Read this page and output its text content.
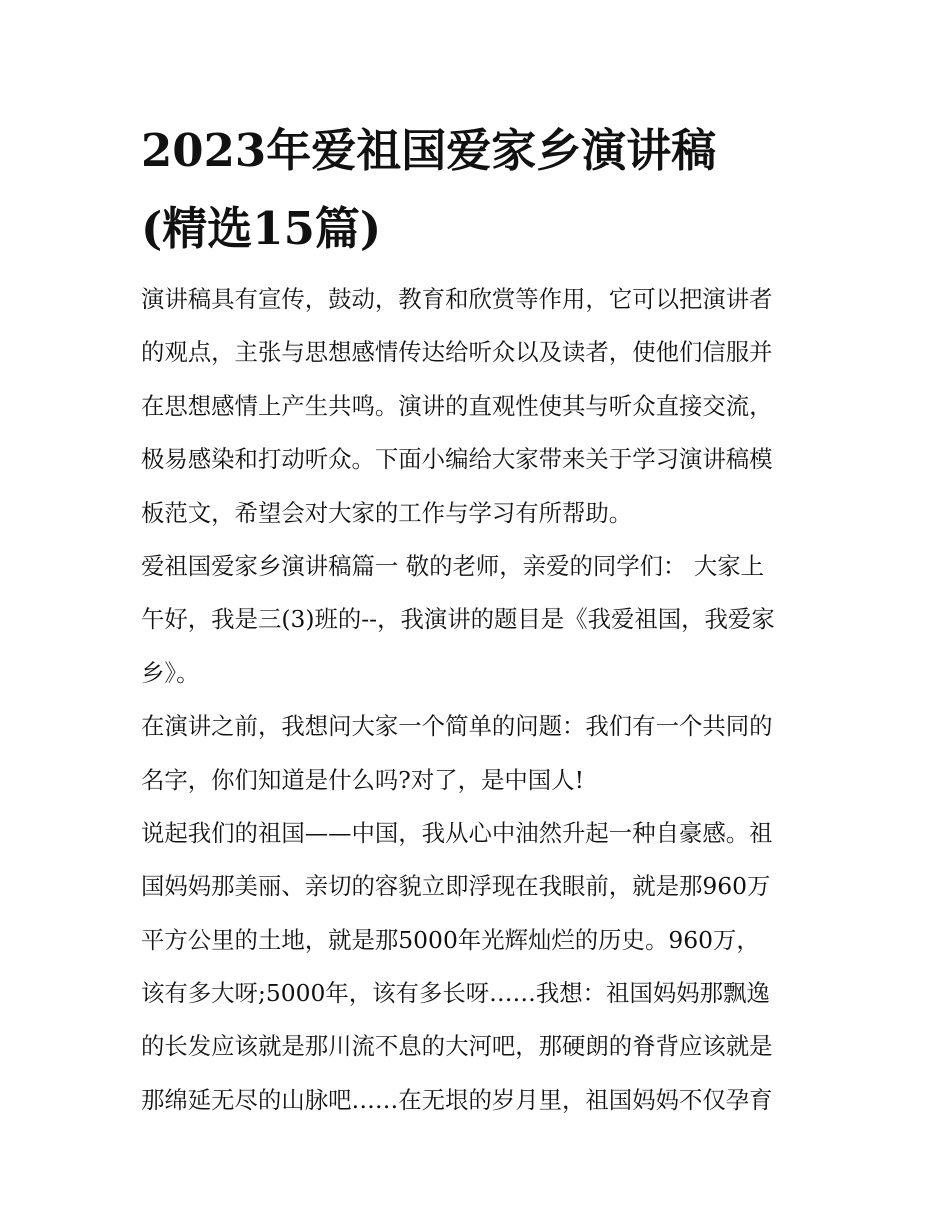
2023年爱祖国爱家乡演讲稿
(精选15篇)

演讲稿具有宣传，鼓动，教育和欣赏等作用，它可以把演讲者
的观点，主张与思想感情传达给听众以及读者，使他们信服并
在思想感情上产生共鸣。演讲的直观性使其与听众直接交流，
极易感染和打动听众。下面小编给大家带来关于学习演讲稿模
板范文，希望会对大家的工作与学习有所帮助。

爱祖国爱家乡演讲稿篇一 敬的老师，亲爱的同学们： 大家上
午好，我是三(3)班的--，我演讲的题目是《我爱祖国，我爱家
乡》。

在演讲之前，我想问大家一个简单的问题：我们有一个共同的
名字，你们知道是什么吗?对了，是中国人!

说起我们的祖国——中国，我从心中油然升起一种自豪感。祖
国妈妈那美丽、亲切的容貌立即浮现在我眼前，就是那960万
平方公里的土地，就是那5000年光辉灿烂的历史。960万，
该有多大呀;5000年，该有多长呀……我想：祖国妈妈那飘逸
的长发应该就是那川流不息的大河吧，那硬朗的脊背应该就是
那绵延无尽的山脉吧……在无垠的岁月里，祖国妈妈不仅孕育
